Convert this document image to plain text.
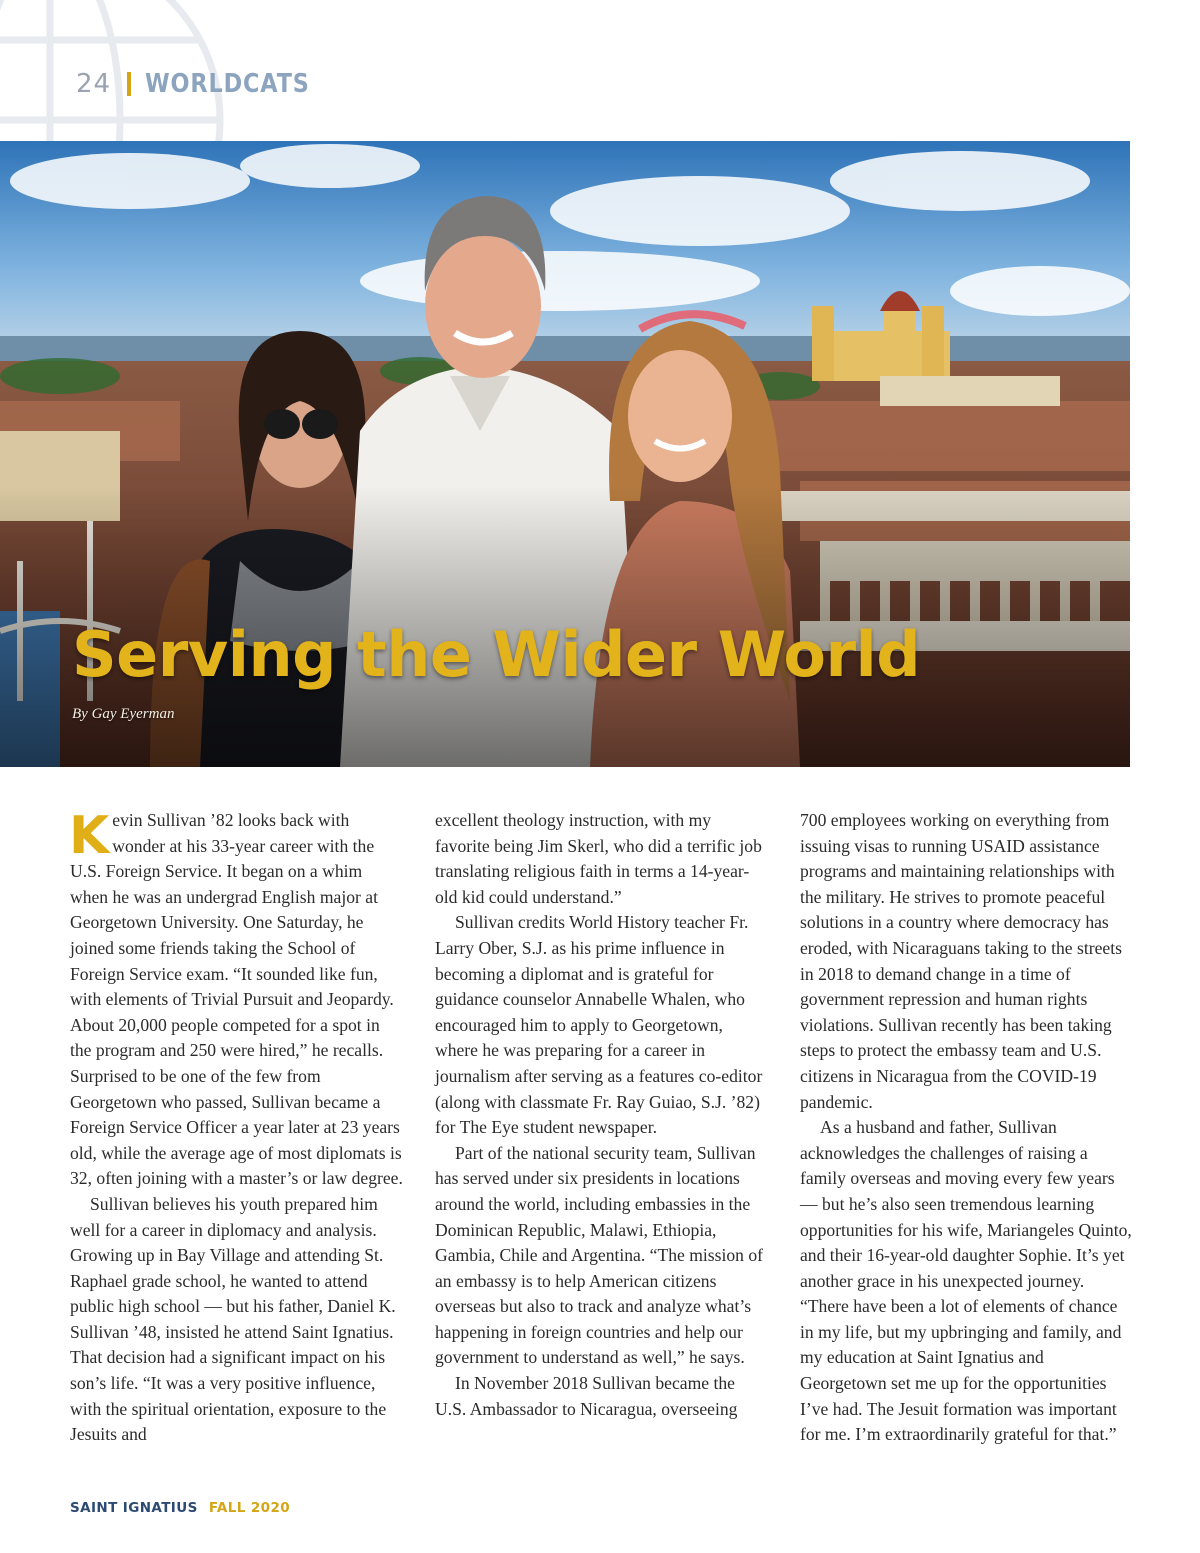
24 WORLDCATS
Serving the Wider World
By Gay Eyerman

Kevin Sullivan ’82 looks back with wonder at his 33-year career with the U.S. Foreign Service. It began on a whim when he was an undergrad English major at Georgetown University. One Saturday, he joined some friends taking the School of Foreign Service exam. “It sounded like fun, with elements of Trivial Pursuit and Jeopardy. About 20,000 people competed for a spot in the program and 250 were hired,” he recalls. Surprised to be one of the few from Georgetown who passed, Sullivan became a Foreign Service Officer a year later at 23 years old, while the average age of most diplomats is 32, often joining with a master’s or law degree.

Sullivan believes his youth prepared him well for a career in diplomacy and analysis. Growing up in Bay Village and attending St. Raphael grade school, he wanted to attend public high school — but his father, Daniel K. Sullivan ’48, insisted he attend Saint Ignatius. That decision had a significant impact on his son’s life. “It was a very positive influence, with the spiritual orientation, exposure to the Jesuits and

excellent theology instruction, with my favorite being Jim Skerl, who did a terrific job translating religious faith in terms a 14-year-old kid could understand.”

Sullivan credits World History teacher Fr. Larry Ober, S.J. as his prime influence in becoming a diplomat and is grateful for guidance counselor Annabelle Whalen, who encouraged him to apply to Georgetown, where he was preparing for a career in journalism after serving as a features co-editor (along with classmate Fr. Ray Guiao, S.J. ’82) for The Eye student newspaper.

Part of the national security team, Sullivan has served under six presidents in locations around the world, including embassies in the Dominican Republic, Malawi, Ethiopia, Gambia, Chile and Argentina. “The mission of an embassy is to help American citizens overseas but also to track and analyze what’s happening in foreign countries and help our government to understand as well,” he says.

In November 2018 Sullivan became the U.S. Ambassador to Nicaragua, overseeing

700 employees working on everything from issuing visas to running USAID assistance programs and maintaining relationships with the military. He strives to promote peaceful solutions in a country where democracy has eroded, with Nicaraguans taking to the streets in 2018 to demand change in a time of government repression and human rights violations. Sullivan recently has been taking steps to protect the embassy team and U.S. citizens in Nicaragua from the COVID-19 pandemic.

As a husband and father, Sullivan acknowledges the challenges of raising a family overseas and moving every few years — but he’s also seen tremendous learning opportunities for his wife, Mariangeles Quinto, and their 16-year-old daughter Sophie. It’s yet another grace in his unexpected journey. “There have been a lot of elements of chance in my life, but my upbringing and family, and my education at Saint Ignatius and Georgetown set me up for the opportunities I’ve had. The Jesuit formation was important for me. I’m extraordinarily grateful for that.”

SAINT IGNATIUS FALL 2020
